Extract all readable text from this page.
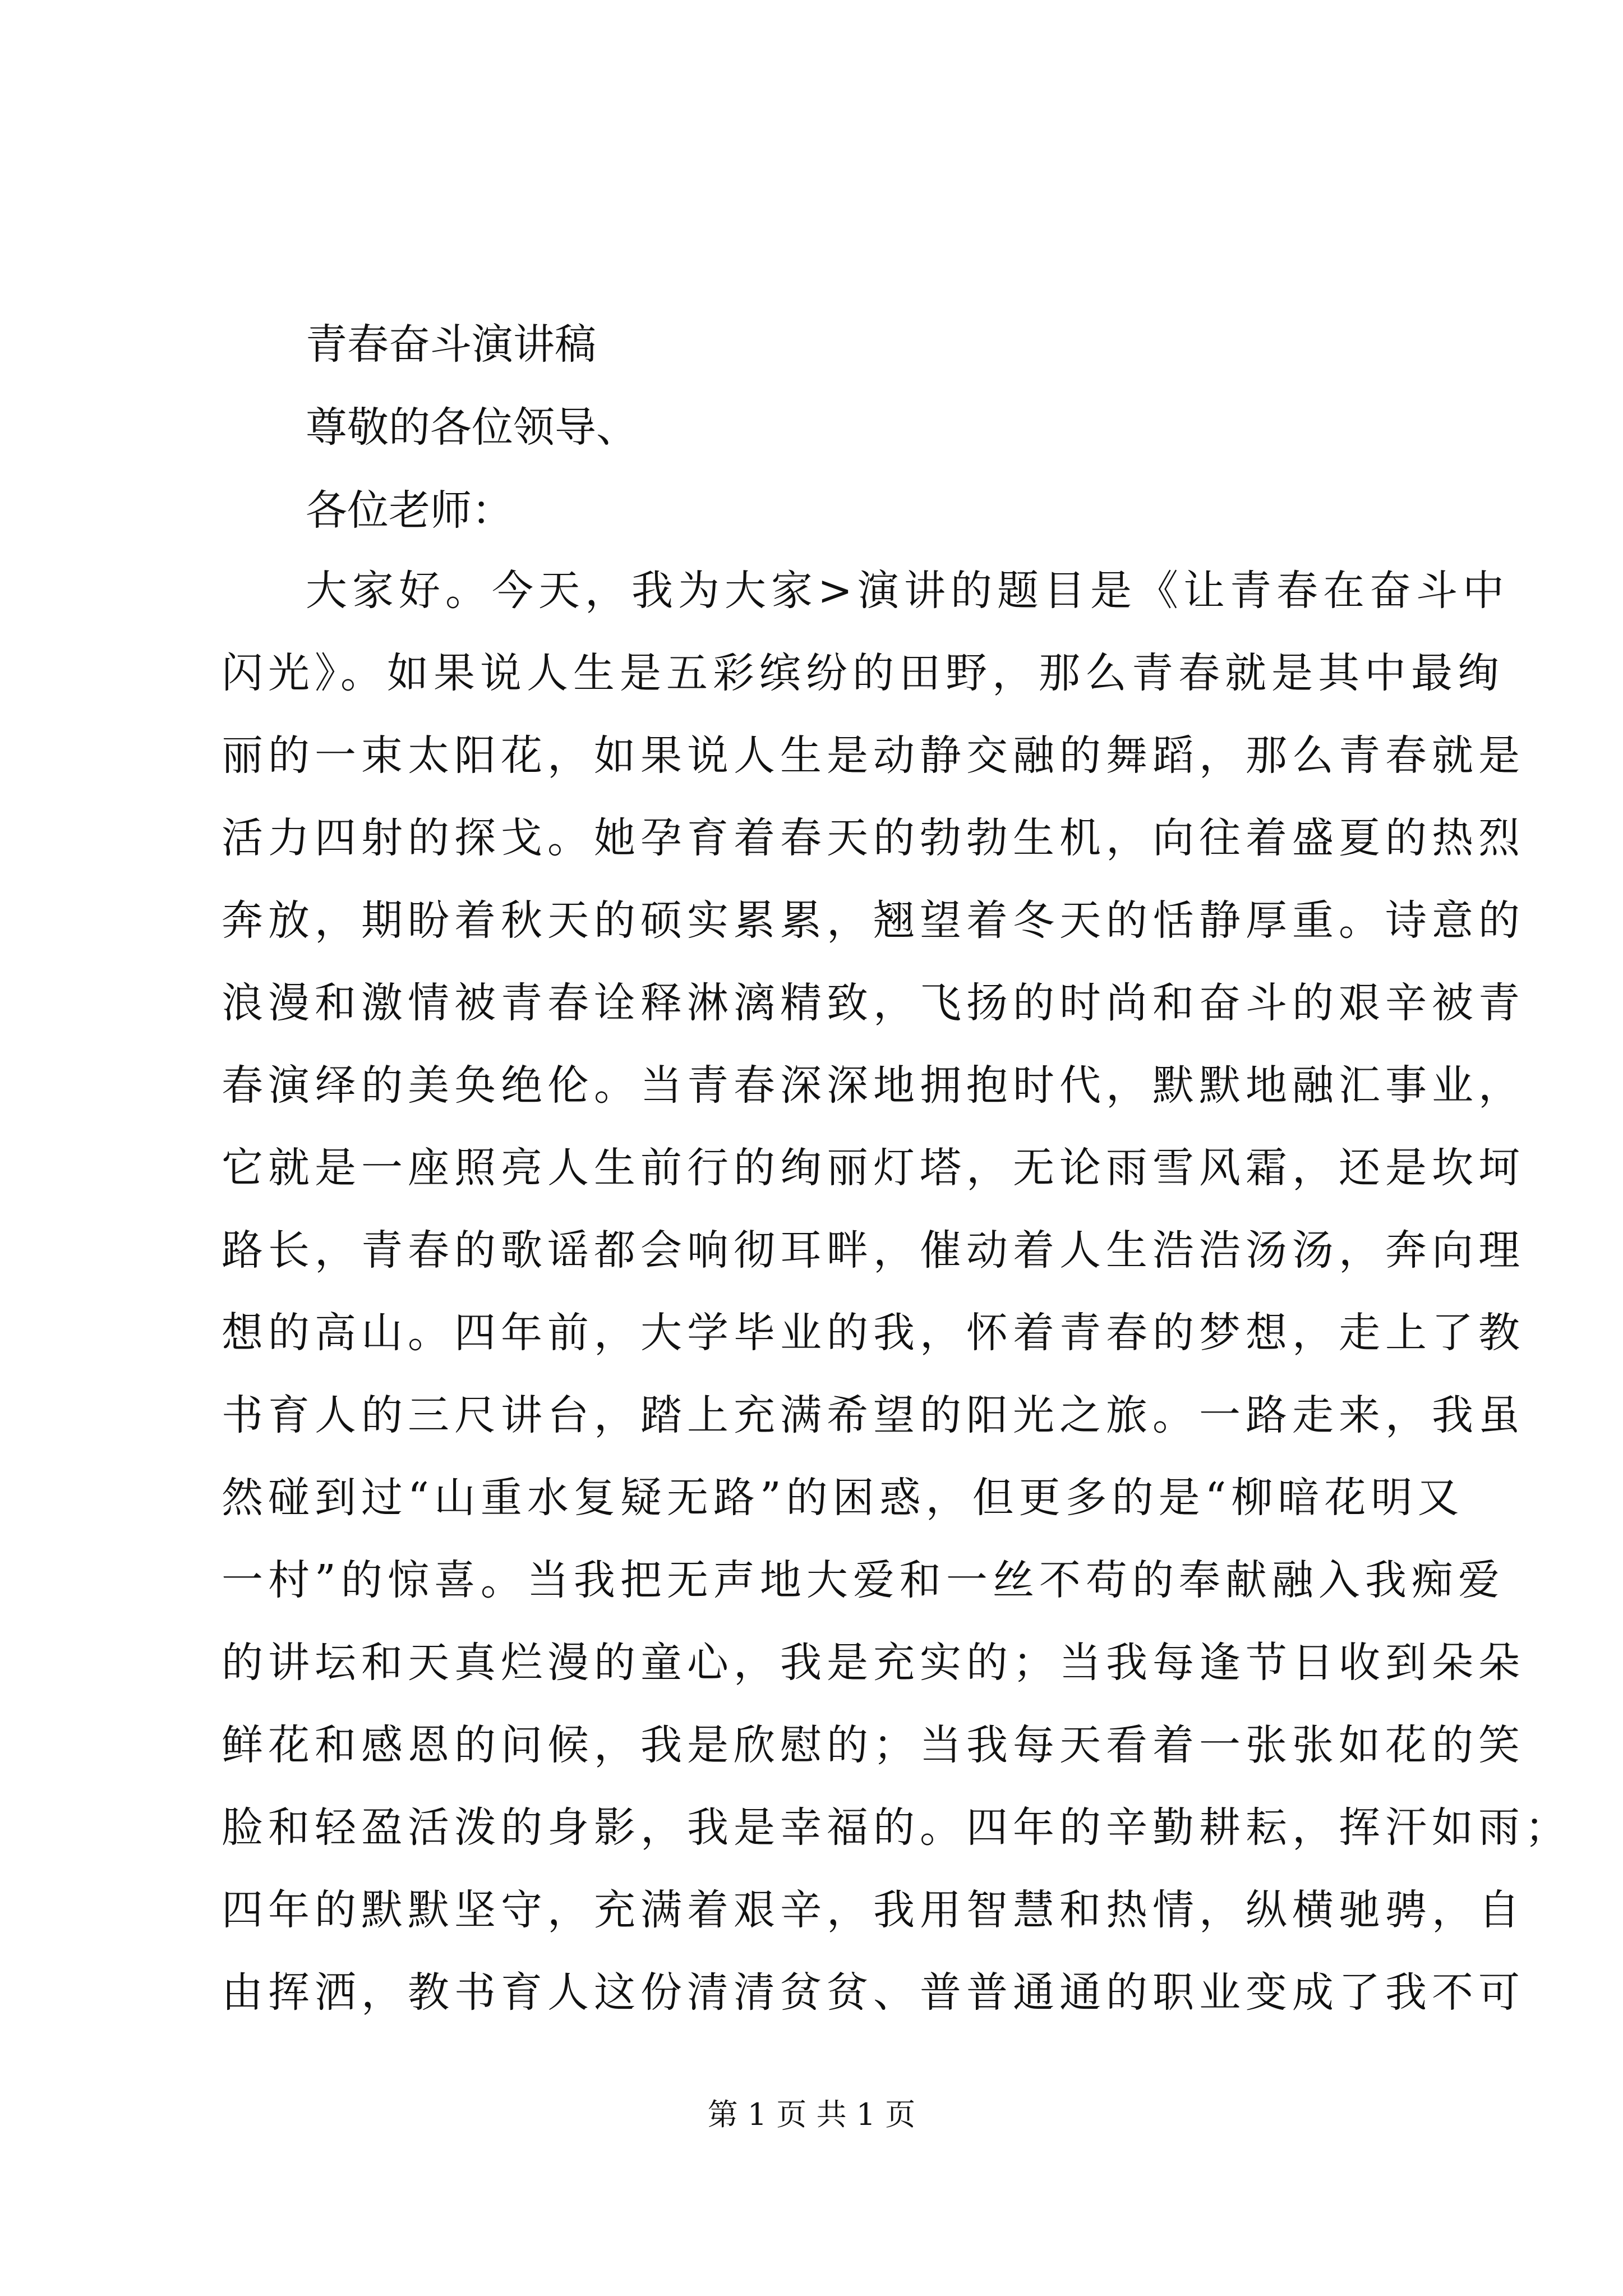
青春奋斗演讲稿
尊敬的各位领导、
各位老师：
大家好。今天，我为大家>演讲的题目是《让青春在奋斗中
闪光》。如果说人生是五彩缤纷的田野，那么青春就是其中最绚
丽的一束太阳花，如果说人生是动静交融的舞蹈，那么青春就是
活力四射的探戈。她孕育着春天的勃勃生机，向往着盛夏的热烈
奔放，期盼着秋天的硕实累累，翘望着冬天的恬静厚重。诗意的
浪漫和激情被青春诠释淋漓精致，飞扬的时尚和奋斗的艰辛被青
春演绎的美奂绝伦。当青春深深地拥抱时代，默默地融汇事业，
它就是一座照亮人生前行的绚丽灯塔，无论雨雪风霜，还是坎坷
路长，青春的歌谣都会响彻耳畔，催动着人生浩浩汤汤，奔向理
想的高山。四年前，大学毕业的我，怀着青春的梦想，走上了教
书育人的三尺讲台，踏上充满希望的阳光之旅。一路走来，我虽
然碰到过“山重水复疑无路”的困惑，但更多的是“柳暗花明又
一村”的惊喜。当我把无声地大爱和一丝不苟的奉献融入我痴爱
的讲坛和天真烂漫的童心，我是充实的；当我每逢节日收到朵朵
鲜花和感恩的问候，我是欣慰的；当我每天看着一张张如花的笑
脸和轻盈活泼的身影，我是幸福的。四年的辛勤耕耘，挥汗如雨；
四年的默默坚守，充满着艰辛，我用智慧和热情，纵横驰骋，自
由挥洒，教书育人这份清清贫贫、普普通通的职业变成了我不可
第 1 页 共 1 页
